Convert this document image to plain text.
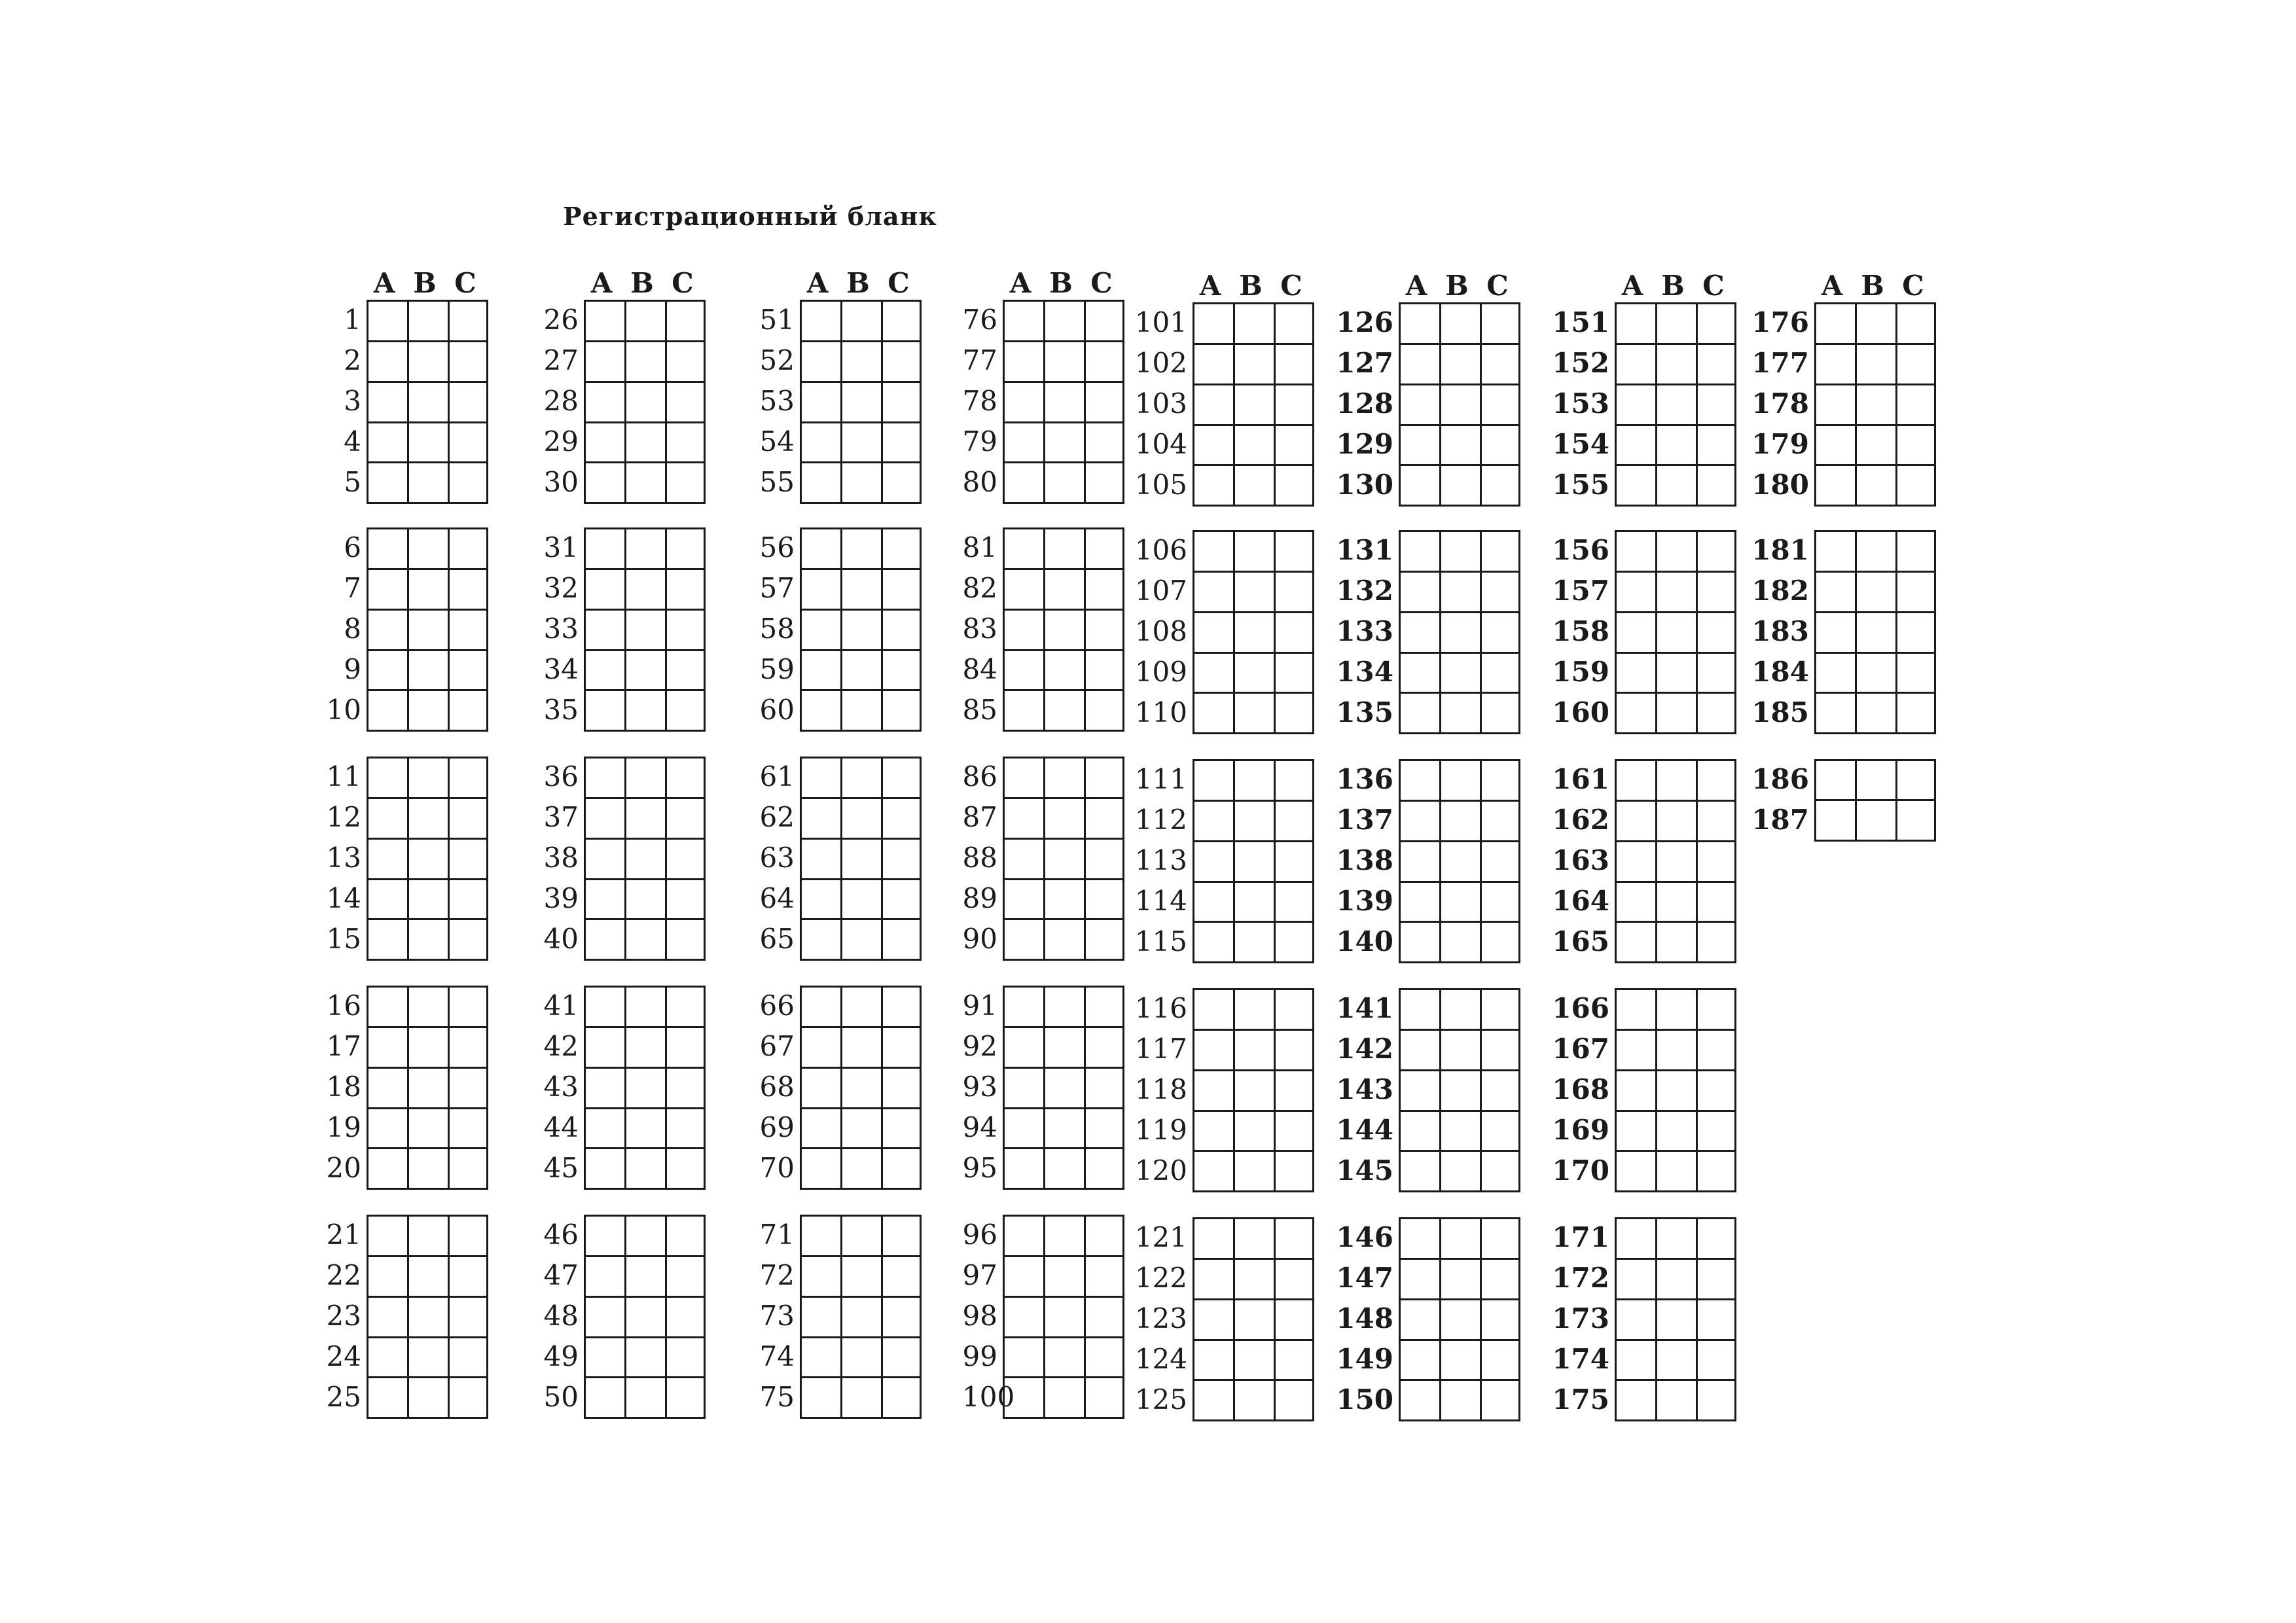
Регистрационный бланк
A B C
1
2
3
4
5
6
7
8
9
10
11
12
13
14
15
16
17
18
19
20
21
22
23
24
25
A B C
26
27
28
29
30
31
32
33
34
35
36
37
38
39
40
41
42
43
44
45
46
47
48
49
50
A B C
51
52
53
54
55
56
57
58
59
60
61
62
63
64
65
66
67
68
69
70
71
72
73
74
75
A B C
76
77
78
79
80
81
82
83
84
85
86
87
88
89
90
91
92
93
94
95
96
97
98
99
100
A B C
101
102
103
104
105
106
107
108
109
110
111
112
113
114
115
116
117
118
119
120
121
122
123
124
125
A B C
126
127
128
129
130
131
132
133
134
135
136
137
138
139
140
141
142
143
144
145
146
147
148
149
150
A B C
151
152
153
154
155
156
157
158
159
160
161
162
163
164
165
166
167
168
169
170
171
172
173
174
175
A B C
176
177
178
179
180
181
182
183
184
185
186
187
